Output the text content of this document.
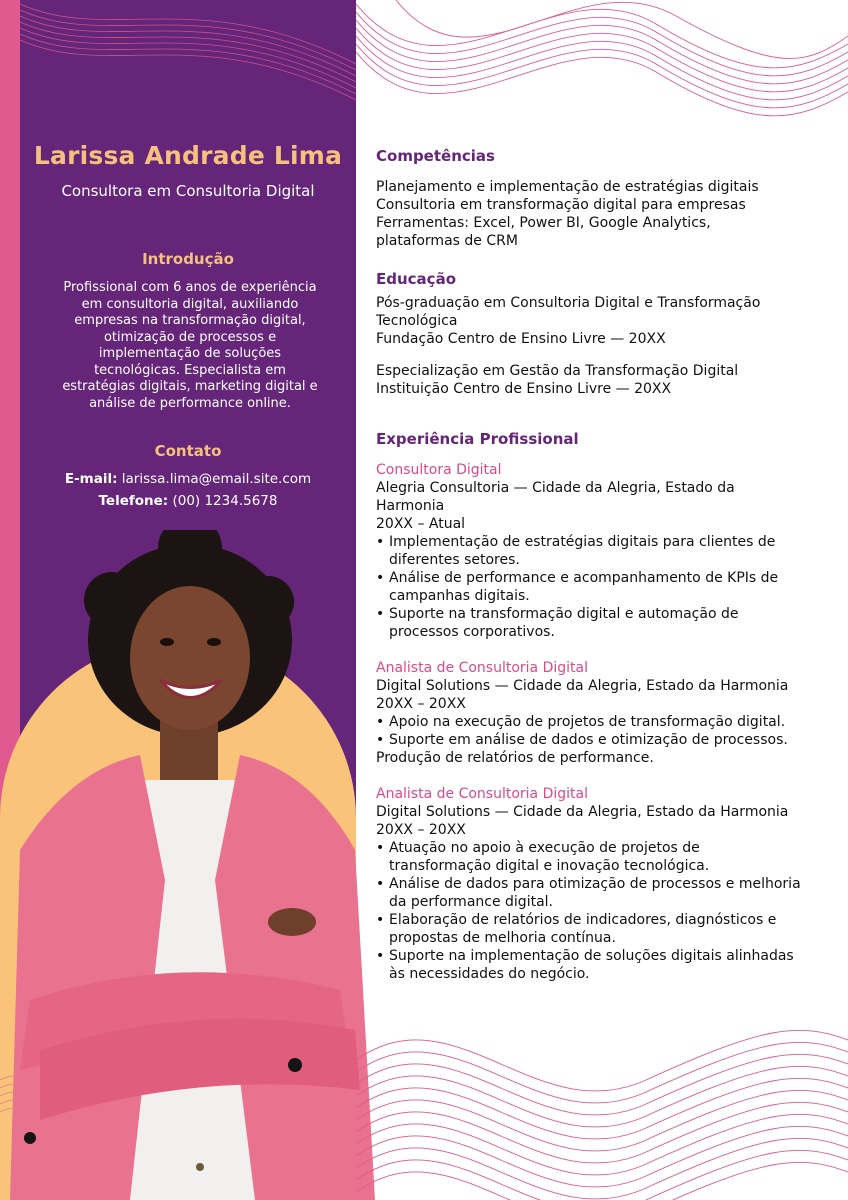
Larissa Andrade Lima
Consultora em Consultoria Digital
Introdução
Profissional com 6 anos de experiência
em consultoria digital, auxiliando
empresas na transformação digital,
otimização de processos e
implementação de soluções
tecnológicas. Especialista em
estratégias digitais, marketing digital e
análise de performance online.
Contato
E-mail: larissa.lima@email.site.com
Telefone: (00) 1234.5678
Competências
Planejamento e implementação de estratégias digitais
Consultoria em transformação digital para empresas
Ferramentas: Excel, Power BI, Google Analytics,
plataformas de CRM
Educação
Pós-graduação em Consultoria Digital e Transformação
Tecnológica
Fundação Centro de Ensino Livre — 20XX
Especialização em Gestão da Transformação Digital
Instituição Centro de Ensino Livre — 20XX
Experiência Profissional
Consultora Digital
Alegria Consultoria — Cidade da Alegria, Estado da
Harmonia
20XX – Atual
• Implementação de estratégias digitais para clientes de
diferentes setores.
• Análise de performance e acompanhamento de KPIs de
campanhas digitais.
• Suporte na transformação digital e automação de
processos corporativos.
Analista de Consultoria Digital
Digital Solutions — Cidade da Alegria, Estado da Harmonia
20XX – 20XX
• Apoio na execução de projetos de transformação digital.
• Suporte em análise de dados e otimização de processos.
Produção de relatórios de performance.
Analista de Consultoria Digital
Digital Solutions — Cidade da Alegria, Estado da Harmonia
20XX – 20XX
• Atuação no apoio à execução de projetos de
transformação digital e inovação tecnológica.
• Análise de dados para otimização de processos e melhoria
da performance digital.
• Elaboração de relatórios de indicadores, diagnósticos e
propostas de melhoria contínua.
• Suporte na implementação de soluções digitais alinhadas
às necessidades do negócio.
